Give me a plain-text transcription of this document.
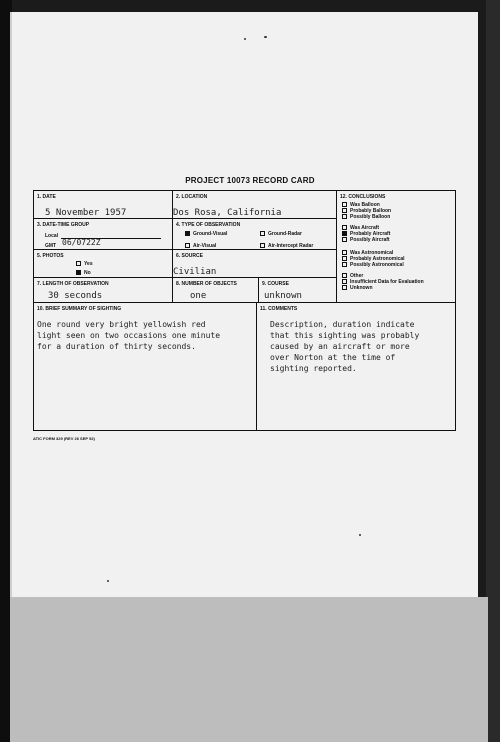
PROJECT 10073 RECORD CARD
1. DATE
5 November 1957
2. LOCATION
Dos Rosa, California
3. DATE-TIME GROUP
Local
GMT 06/0722Z
4. TYPE OF OBSERVATION
Ground-Visual	Ground-Radar
Air-Visual	Air-Intercept Radar
5. PHOTOS
Yes
No
6. SOURCE
Civilian
7. LENGTH OF OBSERVATION
30 seconds
8. NUMBER OF OBJECTS
one
9. COURSE
unknown
12. CONCLUSIONS
Was Balloon
Probably Balloon
Possibly Balloon
Was Aircraft
Probably Aircraft
Possibly Aircraft
Was Astronomical
Probably Astronomical
Possibly Astronomical
Other
Insufficient Data for Evaluation
Unknown
10. BRIEF SUMMARY OF SIGHTING
One round very bright yellowish red
light seen on two occasions one minute
for a duration of thirty seconds.
11. COMMENTS
Description, duration indicate
that this sighting was probably
caused by an aircraft or more
over Norton at the time of
sighting reported.
ATIC FORM 329 (REV 26 SEP 52)
